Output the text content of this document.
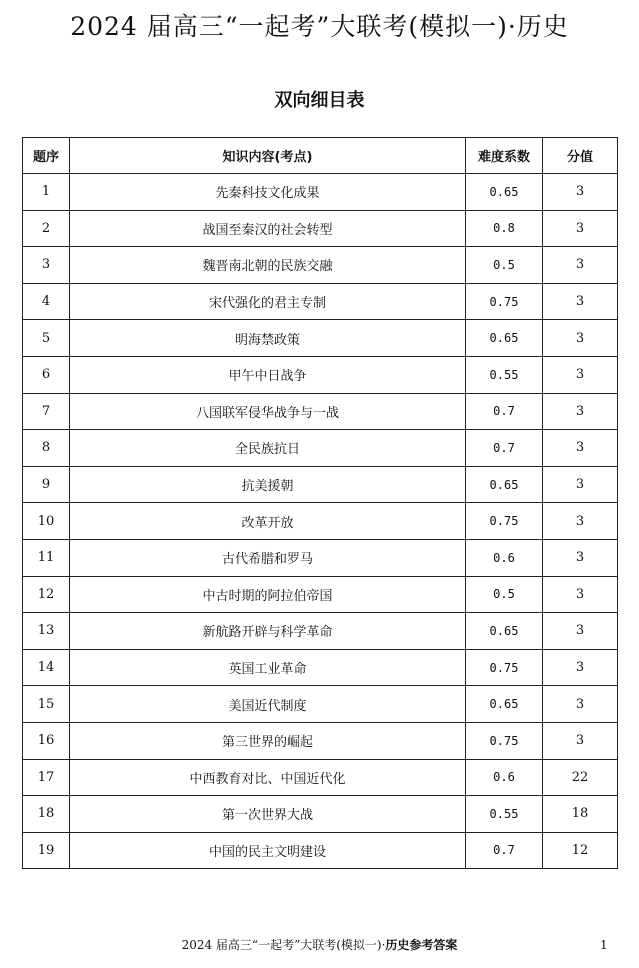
2024 届高三“一起考”大联考(模拟一)·历史
双向细目表
题序	知识内容(考点)	难度系数	分值
1	先秦科技文化成果	0.65	3
2	战国至秦汉的社会转型	0.8	3
3	魏晋南北朝的民族交融	0.5	3
4	宋代强化的君主专制	0.75	3
5	明海禁政策	0.65	3
6	甲午中日战争	0.55	3
7	八国联军侵华战争与一战	0.7	3
8	全民族抗日	0.7	3
9	抗美援朝	0.65	3
10	改革开放	0.75	3
11	古代希腊和罗马	0.6	3
12	中古时期的阿拉伯帝国	0.5	3
13	新航路开辟与科学革命	0.65	3
14	英国工业革命	0.75	3
15	美国近代制度	0.65	3
16	第三世界的崛起	0.75	3
17	中西教育对比、中国近代化	0.6	22
18	第一次世界大战	0.55	18
19	中国的民主文明建设	0.7	12
2024 届高三“一起考”大联考(模拟一)·历史参考答案	1
